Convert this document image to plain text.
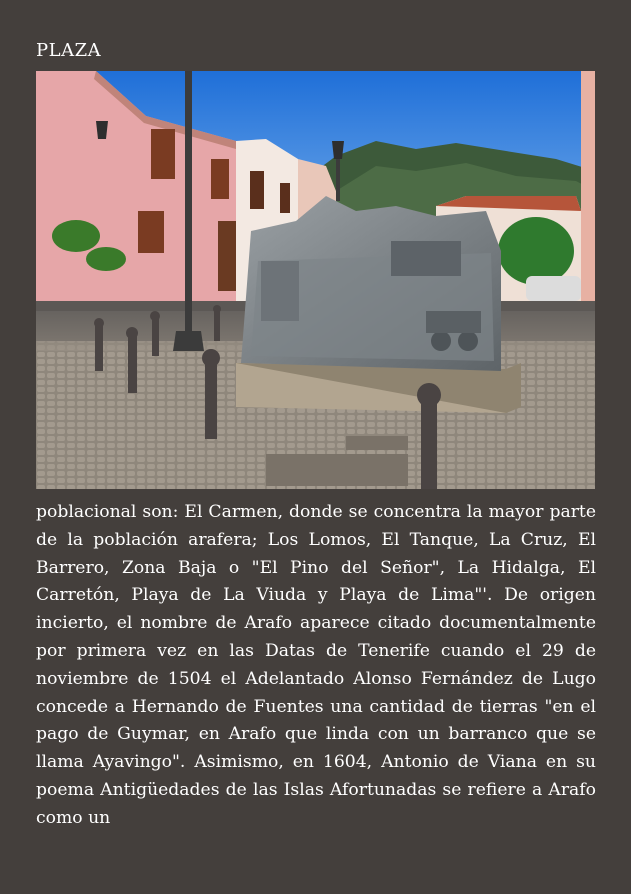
PLAZA

poblacional son: El Carmen, donde se concentra la mayor parte de la población arafera; Los Lomos, El Tanque, La Cruz, El Barrero, Zona Baja o "El Pino del Señor", La Hidalga, El Carretón, Playa de La Viuda y Playa de Lima"'. De origen incierto, el nombre de Arafo aparece citado documentalmente por primera vez en las Datas de Tenerife cuando el 29 de noviembre de 1504 el Adelantado Alonso Fernández de Lugo concede a Hernando de Fuentes una cantidad de tierras "en el pago de Guymar, en Arafo que linda con un barranco que se llama Ayavingo". Asimismo, en 1604, Antonio de Viana en su poema Antigüedades de las Islas Afortunadas se refiere a Arafo como un
